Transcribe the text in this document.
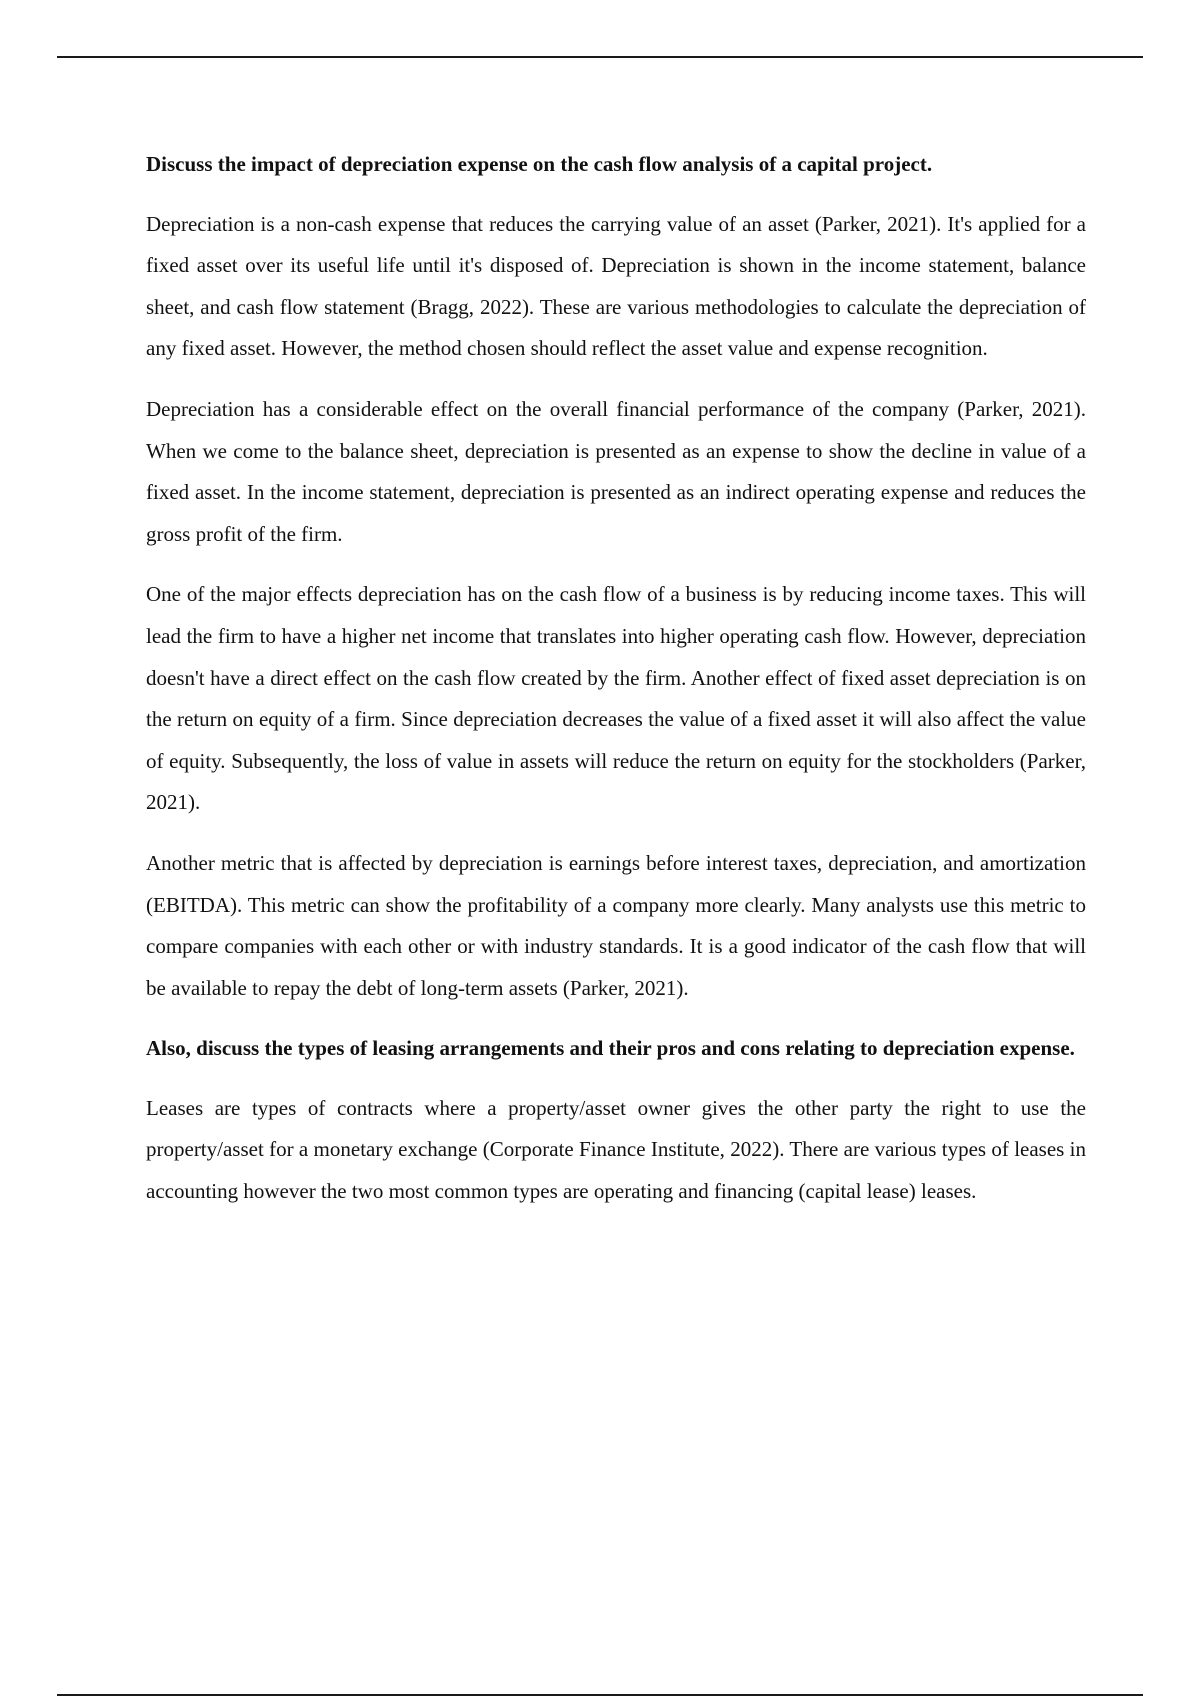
Discuss the impact of depreciation expense on the cash flow analysis of a capital project.

Depreciation is a non-cash expense that reduces the carrying value of an asset (Parker, 2021). It's applied for a fixed asset over its useful life until it's disposed of. Depreciation is shown in the income statement, balance sheet, and cash flow statement (Bragg, 2022). These are various methodologies to calculate the depreciation of any fixed asset. However, the method chosen should reflect the asset value and expense recognition.

Depreciation has a considerable effect on the overall financial performance of the company (Parker, 2021). When we come to the balance sheet, depreciation is presented as an expense to show the decline in value of a fixed asset. In the income statement, depreciation is presented as an indirect operating expense and reduces the gross profit of the firm.

One of the major effects depreciation has on the cash flow of a business is by reducing income taxes. This will lead the firm to have a higher net income that translates into higher operating cash flow. However, depreciation doesn't have a direct effect on the cash flow created by the firm. Another effect of fixed asset depreciation is on the return on equity of a firm. Since depreciation decreases the value of a fixed asset it will also affect the value of equity. Subsequently, the loss of value in assets will reduce the return on equity for the stockholders (Parker, 2021).

Another metric that is affected by depreciation is earnings before interest taxes, depreciation, and amortization (EBITDA). This metric can show the profitability of a company more clearly. Many analysts use this metric to compare companies with each other or with industry standards. It is a good indicator of the cash flow that will be available to repay the debt of long-term assets (Parker, 2021).

Also, discuss the types of leasing arrangements and their pros and cons relating to depreciation expense.

Leases are types of contracts where a property/asset owner gives the other party the right to use the property/asset for a monetary exchange (Corporate Finance Institute, 2022). There are various types of leases in accounting however the two most common types are operating and financing (capital lease) leases.
